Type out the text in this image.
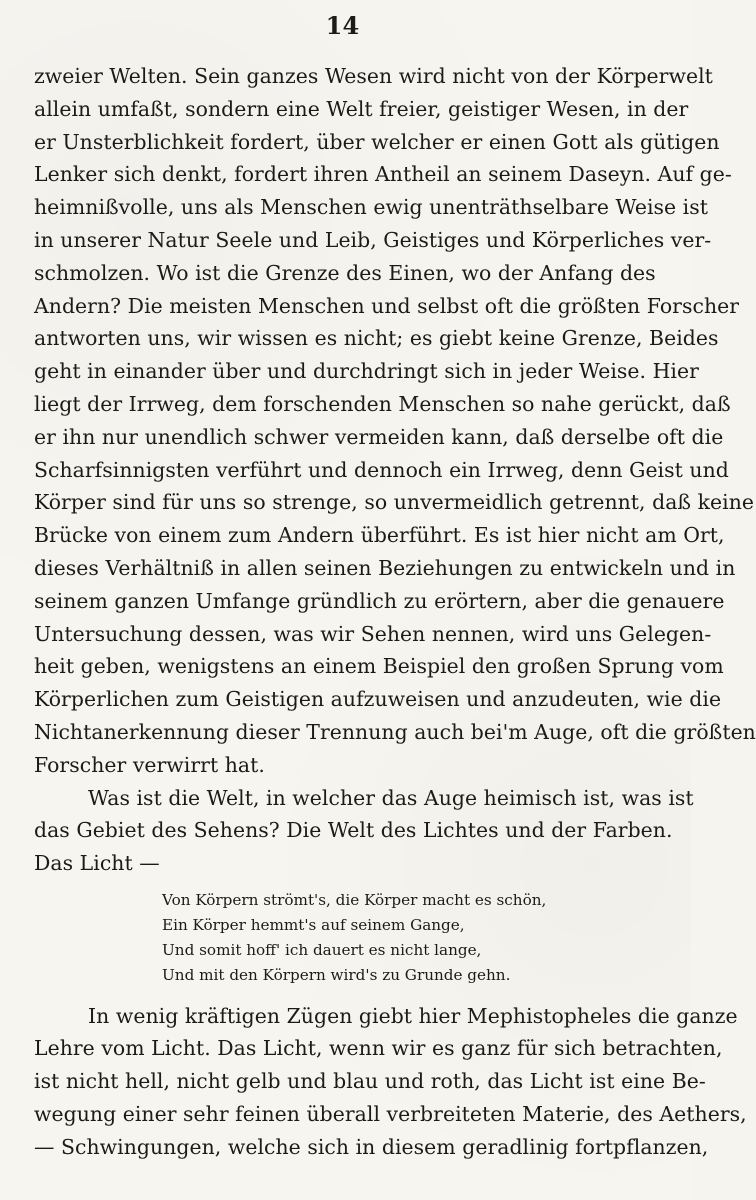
14
zweier Welten. Sein ganzes Wesen wird nicht von der Körperwelt
allein umfaßt, sondern eine Welt freier, geistiger Wesen, in der
er Unsterblichkeit fordert, über welcher er einen Gott als gütigen
Lenker sich denkt, fordert ihren Antheil an seinem Daseyn. Auf ge-
heimnißvolle, uns als Menschen ewig unenträthselbare Weise ist
in unserer Natur Seele und Leib, Geistiges und Körperliches ver-
schmolzen. Wo ist die Grenze des Einen, wo der Anfang des
Andern? Die meisten Menschen und selbst oft die größten Forscher
antworten uns, wir wissen es nicht; es giebt keine Grenze, Beides
geht in einander über und durchdringt sich in jeder Weise. Hier
liegt der Irrweg, dem forschenden Menschen so nahe gerückt, daß
er ihn nur unendlich schwer vermeiden kann, daß derselbe oft die
Scharfsinnigsten verführt und dennoch ein Irrweg, denn Geist und
Körper sind für uns so strenge, so unvermeidlich getrennt, daß keine
Brücke von einem zum Andern überführt. Es ist hier nicht am Ort,
dieses Verhältniß in allen seinen Beziehungen zu entwickeln und in
seinem ganzen Umfange gründlich zu erörtern, aber die genauere
Untersuchung dessen, was wir Sehen nennen, wird uns Gelegen-
heit geben, wenigstens an einem Beispiel den großen Sprung vom
Körperlichen zum Geistigen aufzuweisen und anzudeuten, wie die
Nichtanerkennung dieser Trennung auch bei'm Auge, oft die größten
Forscher verwirrt hat.
Was ist die Welt, in welcher das Auge heimisch ist, was ist
das Gebiet des Sehens? Die Welt des Lichtes und der Farben.
Das Licht —
Von Körpern strömt's, die Körper macht es schön,
Ein Körper hemmt's auf seinem Gange,
Und somit hoff' ich dauert es nicht lange,
Und mit den Körpern wird's zu Grunde gehn.
In wenig kräftigen Zügen giebt hier Mephistopheles die ganze
Lehre vom Licht. Das Licht, wenn wir es ganz für sich betrachten,
ist nicht hell, nicht gelb und blau und roth, das Licht ist eine Be-
wegung einer sehr feinen überall verbreiteten Materie, des Aethers,
— Schwingungen, welche sich in diesem geradlinig fortpflanzen,
